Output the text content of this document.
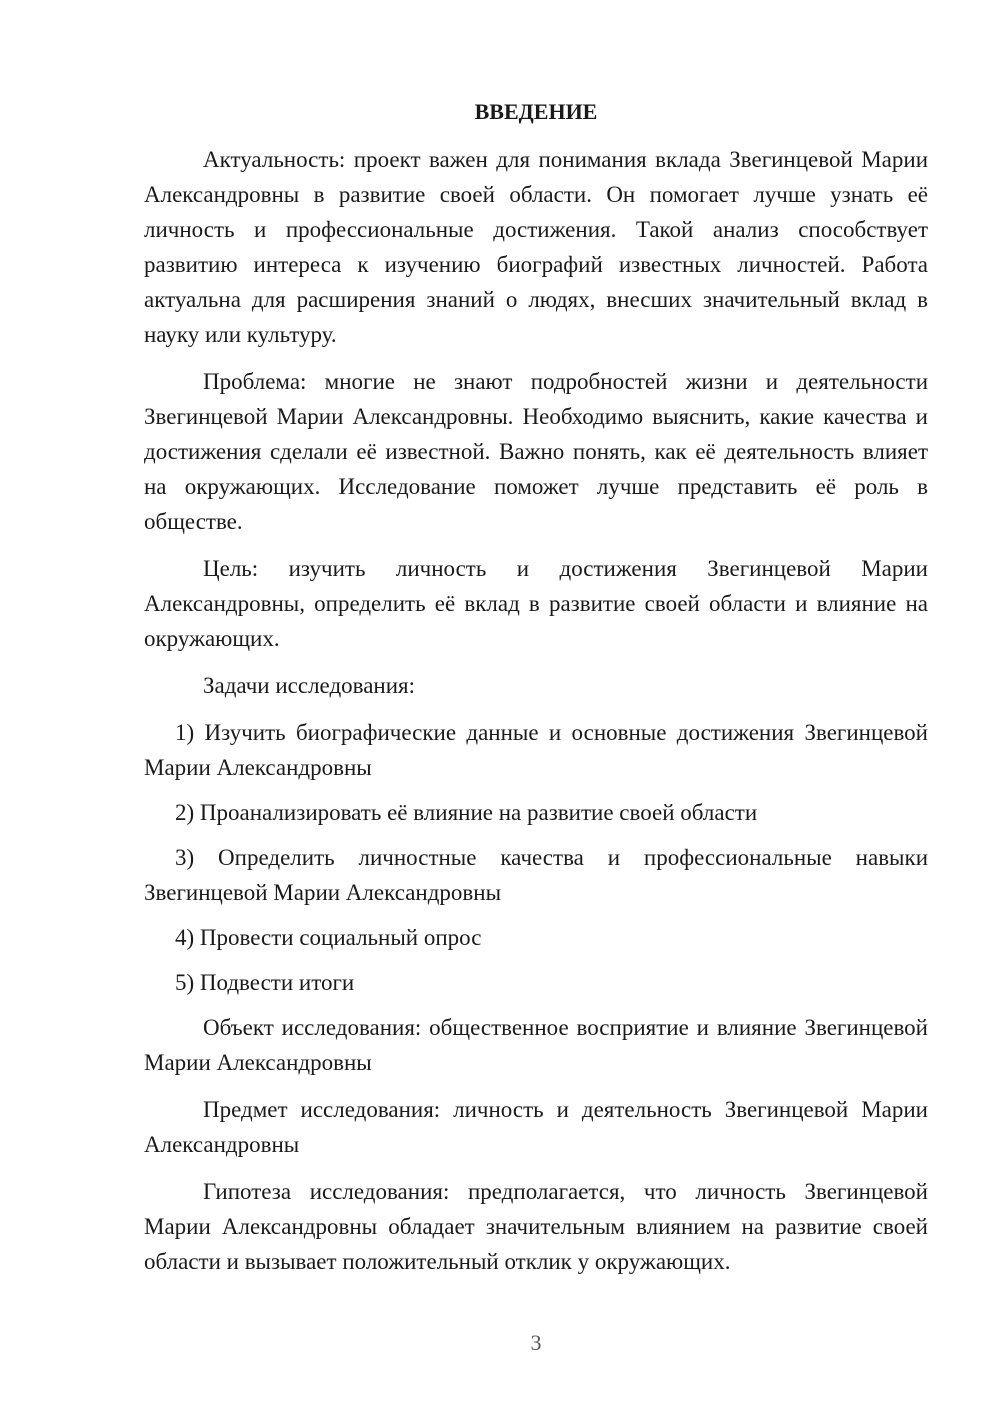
ВВЕДЕНИЕ

Актуальность: проект важен для понимания вклада Звегинцевой Марии Александровны в развитие своей области. Он помогает лучше узнать её личность и профессиональные достижения. Такой анализ способствует развитию интереса к изучению биографий известных личностей. Работа актуальна для расширения знаний о людях, внесших значительный вклад в науку или культуру.

Проблема: многие не знают подробностей жизни и деятельности Звегинцевой Марии Александровны. Необходимо выяснить, какие качества и достижения сделали её известной. Важно понять, как её деятельность влияет на окружающих. Исследование поможет лучше представить её роль в обществе.

Цель: изучить личность и достижения Звегинцевой Марии Александровны, определить её вклад в развитие своей области и влияние на окружающих.

Задачи исследования:

1) Изучить биографические данные и основные достижения Звегинцевой Марии Александровны

2) Проанализировать её влияние на развитие своей области

3) Определить личностные качества и профессиональные навыки Звегинцевой Марии Александровны

4) Провести социальный опрос

5) Подвести итоги

Объект исследования: общественное восприятие и влияние Звегинцевой Марии Александровны

Предмет исследования: личность и деятельность Звегинцевой Марии Александровны

Гипотеза исследования: предполагается, что личность Звегинцевой Марии Александровны обладает значительным влиянием на развитие своей области и вызывает положительный отклик у окружающих.

3
